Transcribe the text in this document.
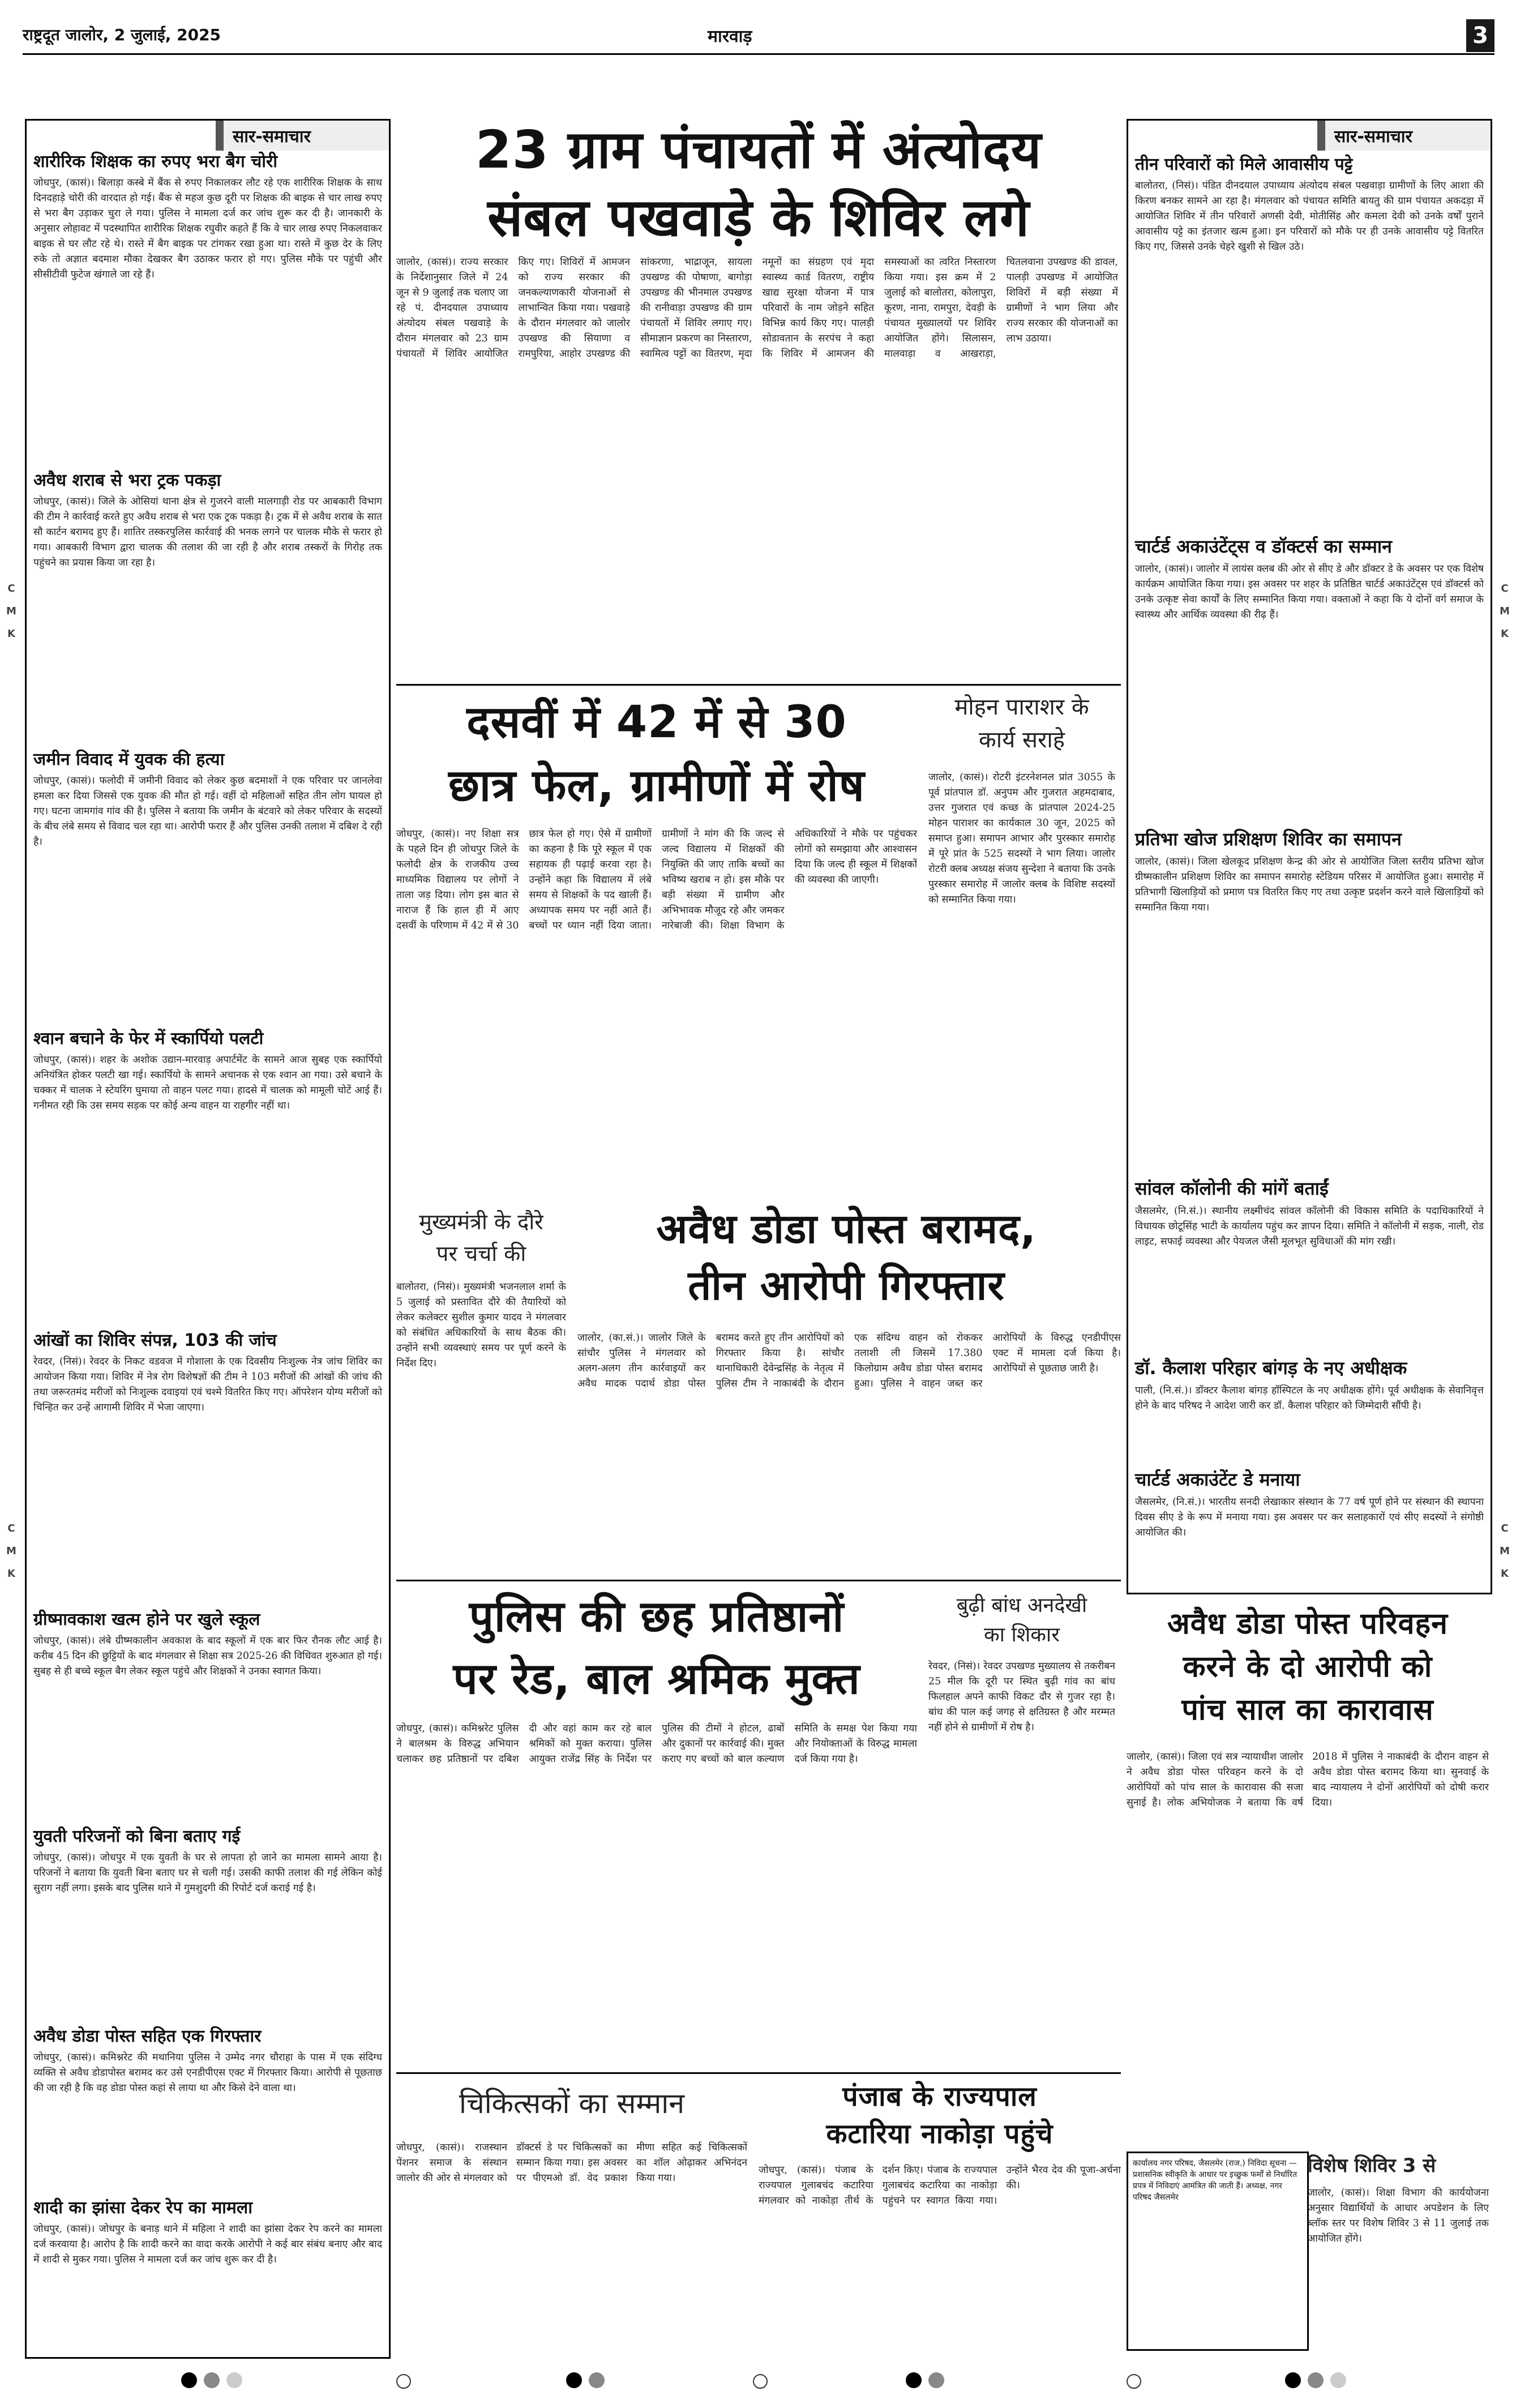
राष्ट्रदूत जालोर, 2 जुलाई, 2025	मारवाड़	3
C
M
K
C
M
K
C
M
K
C
M
K
सार-समाचार
शारीरिक शिक्षक का रुपए भरा बैग चोरी
जोधपुर, (कासं)। बिलाड़ा कस्बे में बैंक से रुपए निकालकर लौट रहे एक शारीरिक शिक्षक के साथ दिनदहाड़े चोरी की वारदात हो गई। बैंक से महज कुछ दूरी पर शिक्षक की बाइक से चार लाख रुपए से भरा बैग उड़ाकर चुरा ले गया। पुलिस ने मामला दर्ज कर जांच शुरू कर दी है। जानकारी के अनुसार लोहावट में पदस्थापित शारीरिक शिक्षक रघुवीर कहते हैं कि वे चार लाख रुपए निकलवाकर बाइक से घर लौट रहे थे। रास्ते में बैग बाइक पर टांगकर रखा हुआ था। रास्ते में कुछ देर के लिए रुके तो अज्ञात बदमाश मौका देखकर बैग उठाकर फरार हो गए। पुलिस मौके पर पहुंची और सीसीटीवी फुटेज खंगाले जा रहे हैं।
अवैध शराब से भरा ट्रक पकड़ा
जोधपुर, (कासं)। जिले के ओसियां थाना क्षेत्र से गुजरने वाली मालगाड़ी रोड पर आबकारी विभाग की टीम ने कार्रवाई करते हुए अवैध शराब से भरा एक ट्रक पकड़ा है। ट्रक में से अवैध शराब के सात सौ कार्टन बरामद हुए हैं। शातिर तस्करपुलिस कार्रवाई की भनक लगने पर चालक मौके से फरार हो गया। आबकारी विभाग द्वारा चालक की तलाश की जा रही है और शराब तस्करों के गिरोह तक पहुंचने का प्रयास किया जा रहा है।
जमीन विवाद में युवक की हत्या
जोधपुर, (कासं)। फलोदी में जमीनी विवाद को लेकर कुछ बदमाशों ने एक परिवार पर जानलेवा हमला कर दिया जिससे एक युवक की मौत हो गई। वहीं दो महिलाओं सहित तीन लोग घायल हो गए। घटना जामगांव गांव की है। पुलिस ने बताया कि जमीन के बंटवारे को लेकर परिवार के सदस्यों के बीच लंबे समय से विवाद चल रहा था। आरोपी फरार हैं और पुलिस उनकी तलाश में दबिश दे रही है।
श्वान बचाने के फेर में स्कार्पियो पलटी
जोधपुर, (कासं)। शहर के अशोक उद्यान-मारवाड़ अपार्टमेंट के सामने आज सुबह एक स्कार्पियो अनियंत्रित होकर पलटी खा गई। स्कार्पियो के सामने अचानक से एक श्वान आ गया। उसे बचाने के चक्कर में चालक ने स्टेयरिंग घुमाया तो वाहन पलट गया। हादसे में चालक को मामूली चोटें आई हैं। गनीमत रही कि उस समय सड़क पर कोई अन्य वाहन या राहगीर नहीं था।
आंखों का शिविर संपन्न, 103 की जांच
रेवदर, (निसं)। रेवदर के निकट वडवज में गोशाला के एक दिवसीय निःशुल्क नेत्र जांच शिविर का आयोजन किया गया। शिविर में नेत्र रोग विशेषज्ञों की टीम ने 103 मरीजों की आंखों की जांच की तथा जरूरतमंद मरीजों को निःशुल्क दवाइयां एवं चश्मे वितरित किए गए। ऑपरेशन योग्य मरीजों को चिन्हित कर उन्हें आगामी शिविर में भेजा जाएगा।
ग्रीष्मावकाश खत्म होने पर खुले स्कूल
जोधपुर, (कासं)। लंबे ग्रीष्मकालीन अवकाश के बाद स्कूलों में एक बार फिर रौनक लौट आई है। करीब 45 दिन की छुट्टियों के बाद मंगलवार से शिक्षा सत्र 2025-26 की विधिवत शुरुआत हो गई। सुबह से ही बच्चे स्कूल बैग लेकर स्कूल पहुंचे और शिक्षकों ने उनका स्वागत किया।
युवती परिजनों को बिना बताए गई
जोधपुर, (कासं)। जोधपुर में एक युवती के घर से लापता हो जाने का मामला सामने आया है। परिजनों ने बताया कि युवती बिना बताए घर से चली गई। उसकी काफी तलाश की गई लेकिन कोई सुराग नहीं लगा। इसके बाद पुलिस थाने में गुमशुदगी की रिपोर्ट दर्ज कराई गई है।
अवैध डोडा पोस्त सहित एक गिरफ्तार
जोधपुर, (कासं)। कमिश्नरेट की मथानिया पुलिस ने उम्मेद नगर चौराहा के पास में एक संदिग्ध व्यक्ति से अवैध डोडापोस्त बरामद कर उसे एनडीपीएस एक्ट में गिरफ्तार किया। आरोपी से पूछताछ की जा रही है कि वह डोडा पोस्त कहां से लाया था और किसे देने वाला था।
शादी का झांसा देकर रेप का मामला
जोधपुर, (कासं)। जोधपुर के बनाड़ थाने में महिला ने शादी का झांसा देकर रेप करने का मामला दर्ज करवाया है। आरोप है कि शादी करने का वादा करके आरोपी ने कई बार संबंध बनाए और बाद में शादी से मुकर गया। पुलिस ने मामला दर्ज कर जांच शुरू कर दी है।
सार-समाचार
तीन परिवारों को मिले आवासीय पट्टे
बालोतरा, (निसं)। पंडित दीनदयाल उपाध्याय अंत्योदय संबल पखवाड़ा ग्रामीणों के लिए आशा की किरण बनकर सामने आ रहा है। मंगलवार को पंचायत समिति बायतु की ग्राम पंचायत अकदड़ा में आयोजित शिविर में तीन परिवारों अणसी देवी, मोतीसिंह और कमला देवी को उनके वर्षों पुराने आवासीय पट्टे का इंतजार खत्म हुआ। इन परिवारों को मौके पर ही उनके आवासीय पट्टे वितरित किए गए, जिससे उनके चेहरे खुशी से खिल उठे।
चार्टर्ड अकाउंटेंट्स व डॉक्टर्स का सम्मान
जालोर, (कासं)। जालोर में लायंस क्लब की ओर से सीए डे और डॉक्टर डे के अवसर पर एक विशेष कार्यक्रम आयोजित किया गया। इस अवसर पर शहर के प्रतिष्ठित चार्टर्ड अकाउंटेंट्स एवं डॉक्टर्स को उनके उत्कृष्ट सेवा कार्यों के लिए सम्मानित किया गया। वक्ताओं ने कहा कि ये दोनों वर्ग समाज के स्वास्थ्य और आर्थिक व्यवस्था की रीढ़ हैं।
प्रतिभा खोज प्रशिक्षण शिविर का समापन
जालोर, (कासं)। जिला खेलकूद प्रशिक्षण केन्द्र की ओर से आयोजित जिला स्तरीय प्रतिभा खोज ग्रीष्मकालीन प्रशिक्षण शिविर का समापन समारोह स्टेडियम परिसर में आयोजित हुआ। समारोह में प्रतिभागी खिलाड़ियों को प्रमाण पत्र वितरित किए गए तथा उत्कृष्ट प्रदर्शन करने वाले खिलाड़ियों को सम्मानित किया गया।
सांवल कॉलोनी की मांगें बताईं
जैसलमेर, (नि.सं.)। स्थानीय लक्ष्मीचंद सांवल कॉलोनी की विकास समिति के पदाधिकारियों ने विधायक छोटूसिंह भाटी के कार्यालय पहुंच कर ज्ञापन दिया। समिति ने कॉलोनी में सड़क, नाली, रोड लाइट, सफाई व्यवस्था और पेयजल जैसी मूलभूत सुविधाओं की मांग रखी।
डॉ. कैलाश परिहार बांगड़ के नए अधीक्षक
पाली, (नि.सं.)। डॉक्टर कैलाश बांगड़ हॉस्पिटल के नए अधीक्षक होंगे। पूर्व अधीक्षक के सेवानिवृत्त होने के बाद परिषद ने आदेश जारी कर डॉ. कैलाश परिहार को जिम्मेदारी सौंपी है।
चार्टर्ड अकाउंटेंट डे मनाया
जैसलमेर, (नि.सं.)। भारतीय सनदी लेखाकार संस्थान के 77 वर्ष पूर्ण होने पर संस्थान की स्थापना दिवस सीए डे के रूप में मनाया गया। इस अवसर पर कर सलाहकारों एवं सीए सदस्यों ने संगोष्ठी आयोजित की।
23 ग्राम पंचायतों में अंत्योदय
संबल पखवाड़े के शिविर लगे
जालोर, (कासं)। राज्य सरकार के निर्देशानुसार जिले में 24 जून से 9 जुलाई तक चलाए जा रहे पं. दीनदयाल उपाध्याय अंत्योदय संबल पखवाड़े के दौरान मंगलवार को 23 ग्राम पंचायतों में शिविर आयोजित किए गए। शिविरों में आमजन को राज्य सरकार की जनकल्याणकारी योजनाओं से लाभान्वित किया गया। पखवाड़े के दौरान मंगलवार को जालोर उपखण्ड की सियाणा व रामपुरिया, आहोर उपखण्ड की सांकरणा, भाद्राजून, सायला उपखण्ड की पोषाणा, बागोड़ा उपखण्ड की भीनमाल उपखण्ड की रानीवाड़ा उपखण्ड की ग्राम पंचायतों में शिविर लगाए गए। सीमाज्ञान प्रकरण का निस्तारण, स्वामित्व पट्टों का वितरण, मृदा नमूनों का संग्रहण एवं मृदा स्वास्थ्य कार्ड वितरण, राष्ट्रीय खाद्य सुरक्षा योजना में पात्र परिवारों के नाम जोड़ने सहित विभिन्न कार्य किए गए। पालड़ी सोडावतान के सरपंच ने कहा कि शिविर में आमजन की समस्याओं का त्वरित निस्तारण किया गया। इस क्रम में 2 जुलाई को बालोतरा, कोलापुरा, कूरण, नाना, रामपुरा, देवड़ी के पंचायत मुख्यालयों पर शिविर आयोजित होंगे। सिलासन, मालवाड़ा व आखराड़ा, चितलवाना उपखण्ड की डावल, पालड़ी उपखण्ड में आयोजित शिविरों में बड़ी संख्या में ग्रामीणों ने भाग लिया और राज्य सरकार की योजनाओं का लाभ उठाया।
दसवीं में 42 में से 30
छात्र फेल, ग्रामीणों में रोष
जोधपुर, (कासं)। नए शिक्षा सत्र के पहले दिन ही जोधपुर जिले के फलोदी क्षेत्र के राजकीय उच्च माध्यमिक विद्यालय पर लोगों ने ताला जड़ दिया। लोग इस बात से नाराज हैं कि हाल ही में आए दसवीं के परिणाम में 42 में से 30 छात्र फेल हो गए। ऐसे में ग्रामीणों का कहना है कि पूरे स्कूल में एक सहायक ही पढ़ाई करवा रहा है। उन्होंने कहा कि विद्यालय में लंबे समय से शिक्षकों के पद खाली हैं। अध्यापक समय पर नहीं आते हैं। बच्चों पर ध्यान नहीं दिया जाता। ग्रामीणों ने मांग की कि जल्द से जल्द विद्यालय में शिक्षकों की नियुक्ति की जाए ताकि बच्चों का भविष्य खराब न हो। इस मौके पर बड़ी संख्या में ग्रामीण और अभिभावक मौजूद रहे और जमकर नारेबाजी की। शिक्षा विभाग के अधिकारियों ने मौके पर पहुंचकर लोगों को समझाया और आश्वासन दिया कि जल्द ही स्कूल में शिक्षकों की व्यवस्था की जाएगी।
मोहन पाराशर के
कार्य सराहे
जालोर, (कासं)। रोटरी इंटरनेशनल प्रांत 3055 के पूर्व प्रांतपाल डॉ. अनुपम और गुजरात अहमदाबाद, उत्तर गुजरात एवं कच्छ के प्रांतपाल 2024-25 मोहन पाराशर का कार्यकाल 30 जून, 2025 को समाप्त हुआ। समापन आभार और पुरस्कार समारोह में पूरे प्रांत के 525 सदस्यों ने भाग लिया। जालोर रोटरी क्लब अध्यक्ष संजय सुन्देशा ने बताया कि उनके पुरस्कार समारोह में जालोर क्लब के विशिष्ट सदस्यों को सम्मानित किया गया।
मुख्यमंत्री के दौरे
पर चर्चा की
बालोतरा, (निसं)। मुख्यमंत्री भजनलाल शर्मा के 5 जुलाई को प्रस्तावित दौरे की तैयारियों को लेकर कलेक्टर सुशील कुमार यादव ने मंगलवार को संबंधित अधिकारियों के साथ बैठक की। उन्होंने सभी व्यवस्थाएं समय पर पूर्ण करने के निर्देश दिए।
अवैध डोडा पोस्त बरामद,
तीन आरोपी गिरफ्तार
जालोर, (का.सं.)। जालोर जिले के सांचौर पुलिस ने मंगलवार को अलग-अलग तीन कार्रवाइयों कर अवैध मादक पदार्थ डोडा पोस्त बरामद करते हुए तीन आरोपियों को गिरफ्तार किया है। सांचौर थानाधिकारी देवेन्द्रसिंह के नेतृत्व में पुलिस टीम ने नाकाबंदी के दौरान एक संदिग्ध वाहन को रोककर तलाशी ली जिसमें 17.380 किलोग्राम अवैध डोडा पोस्त बरामद हुआ। पुलिस ने वाहन जब्त कर आरोपियों के विरुद्ध एनडीपीएस एक्ट में मामला दर्ज किया है। आरोपियों से पूछताछ जारी है।
पुलिस की छह प्रतिष्ठानों
पर रेड, बाल श्रमिक मुक्त
जोधपुर, (कासं)। कमिश्नरेट पुलिस ने बालश्रम के विरुद्ध अभियान चलाकर छह प्रतिष्ठानों पर दबिश दी और वहां काम कर रहे बाल श्रमिकों को मुक्त कराया। पुलिस आयुक्त राजेंद्र सिंह के निर्देश पर पुलिस की टीमों ने होटल, ढाबों और दुकानों पर कार्रवाई की। मुक्त कराए गए बच्चों को बाल कल्याण समिति के समक्ष पेश किया गया और नियोक्ताओं के विरुद्ध मामला दर्ज किया गया है।
बुढ़ी बांध अनदेखी
का शिकार
रेवदर, (निसं)। रेवदर उपखण्ड मुख्यालय से तकरीबन 25 मील कि दूरी पर स्थित बुढ़ी गांव का बांध फिलहाल अपने काफी विकट दौर से गुजर रहा है। बांध की पाल कई जगह से क्षतिग्रस्त है और मरम्मत नहीं होने से ग्रामीणों में रोष है।
अवैध डोडा पोस्त परिवहन
करने के दो आरोपी को
पांच साल का कारावास
जालोर, (कासं)। जिला एवं सत्र न्यायाधीश जालोर ने अवैध डोडा पोस्त परिवहन करने के दो आरोपियों को पांच साल के कारावास की सजा सुनाई है। लोक अभियोजक ने बताया कि वर्ष 2018 में पुलिस ने नाकाबंदी के दौरान वाहन से अवैध डोडा पोस्त बरामद किया था। सुनवाई के बाद न्यायालय ने दोनों आरोपियों को दोषी करार दिया।
चिकित्सकों का सम्मान
जोधपुर, (कासं)। राजस्थान पेंशनर समाज के संस्थान जालोर की ओर से मंगलवार को डॉक्टर्स डे पर चिकित्सकों का सम्मान किया गया। इस अवसर पर पीएमओ डॉ. वेद प्रकाश मीणा सहित कई चिकित्सकों का शॉल ओढ़ाकर अभिनंदन किया गया।
पंजाब के राज्यपाल
कटारिया नाकोड़ा पहुंचे
जोधपुर, (कासं)। पंजाब के राज्यपाल गुलाबचंद कटारिया मंगलवार को नाकोड़ा तीर्थ के दर्शन किए। पंजाब के राज्यपाल गुलाबचंद कटारिया का नाकोड़ा पहुंचने पर स्वागत किया गया। उन्होंने भैरव देव की पूजा-अर्चना की।
कार्यालय नगर परिषद, जैसलमेर (राज.) निविदा सूचना — प्रशासनिक स्वीकृति के आधार पर इच्छुक फर्मों से निर्धारित प्रपत्र में निविदाएं आमंत्रित की जाती हैं। अध्यक्ष, नगर परिषद जैसलमेर
विशेष शिविर 3 से
जालोर, (कासं)। शिक्षा विभाग की कार्ययोजना अनुसार विद्यार्थियों के आधार अपडेशन के लिए ब्लॉक स्तर पर विशेष शिविर 3 से 11 जुलाई तक आयोजित होंगे।
